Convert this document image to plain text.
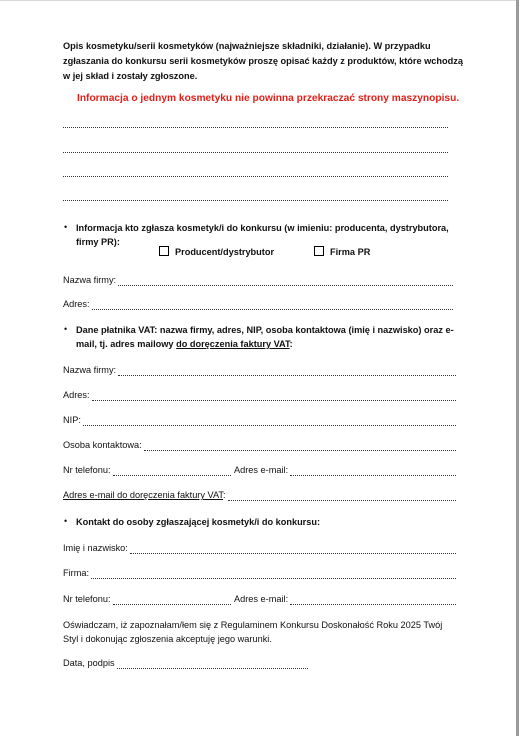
Opis kosmetyku/serii kosmetyków (najważniejsze składniki, działanie). W przypadku
zgłaszania do konkursu serii kosmetyków proszę opisać każdy z produktów, które wchodzą
w jej skład i zostały zgłoszone.
Informacja o jednym kosmetyku nie powinna przekraczać strony maszynopisu.
• Informacja kto zgłasza kosmetyk/i do konkursu (w imieniu: producenta, dystrybutora,
firmy PR):
Producent/dystrybutor	Firma PR
Nazwa firmy:
Adres:
• Dane płatnika VAT: nazwa firmy, adres, NIP, osoba kontaktowa (imię i nazwisko) oraz e-
mail, tj. adres mailowy do doręczenia faktury VAT:
Nazwa firmy:
Adres:
NIP:
Osoba kontaktowa:
Nr telefonu:	Adres e-mail:
Adres e-mail do doręczenia faktury VAT:
• Kontakt do osoby zgłaszającej kosmetyk/i do konkursu:
Imię i nazwisko:
Firma:
Nr telefonu:	Adres e-mail:
Oświadczam, iż zapoznałam/łem się z Regulaminem Konkursu Doskonałość Roku 2025 Twój
Styl i dokonując zgłoszenia akceptuję jego warunki.
Data, podpis
